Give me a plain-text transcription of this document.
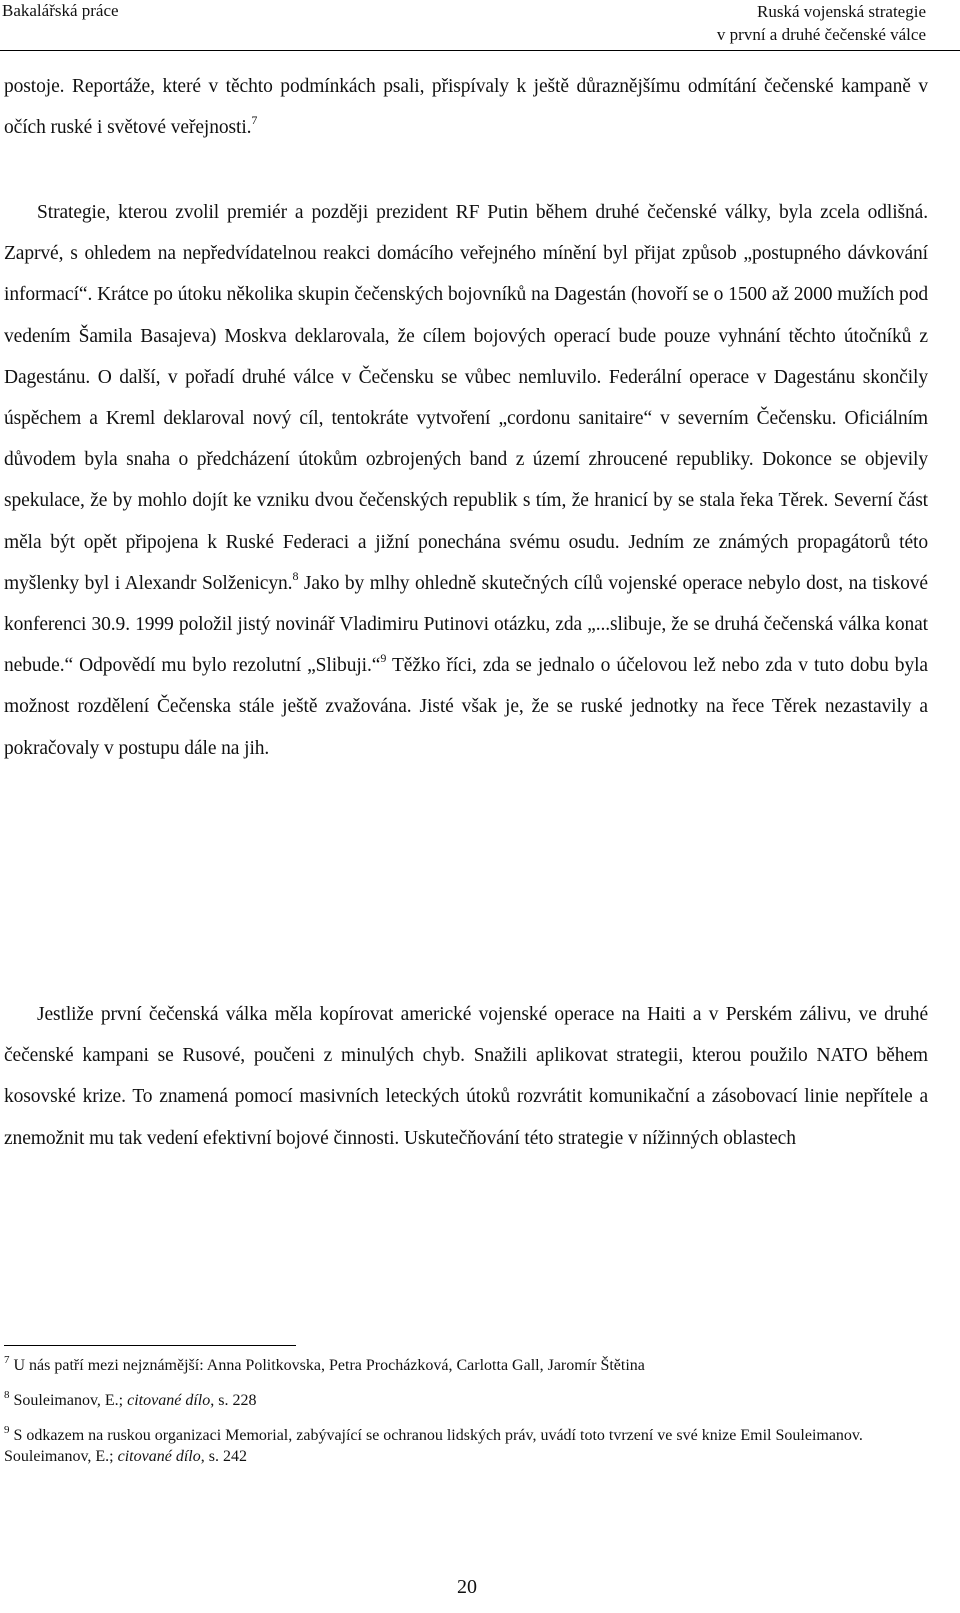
Bakalářská práce	Ruská vojenská strategie
v první a druhé čečenské válce

postoje. Reportáže, které v těchto podmínkách psali, přispívaly k ještě důraznějšímu odmítání čečenské kampaně v očích ruské i světové veřejnosti.$^7$

Strategie, kterou zvolil premiér a později prezident RF Putin během druhé čečenské války, byla zcela odlišná. Zaprvé, s ohledem na nepředvídatelnou reakci domácího veřejného mínění byl přijat způsob „postupného dávkování informací“. Krátce po útoku několika skupin čečenských bojovníků na Dagestán (hovoří se o 1500 až 2000 mužích pod vedením Šamila Basajeva) Moskva deklarovala, že cílem bojových operací bude pouze vyhnání těchto útočníků z Dagestánu. O další, v pořadí druhé válce v Čečensku se vůbec nemluvilo. Federální operace v Dagestánu skončily úspěchem a Kreml deklaroval nový cíl, tentokráte vytvoření „cordonu sanitaire“ v severním Čečensku. Oficiálním důvodem byla snaha o předcházení útokům ozbrojených band z území zhroucené republiky. Dokonce se objevily spekulace, že by mohlo dojít ke vzniku dvou čečenských republik s tím, že hranicí by se stala řeka Těrek. Severní část měla být opět připojena k Ruské Federaci a jižní ponechána svému osudu. Jedním ze známých propagátorů této myšlenky byl i Alexandr Solženicyn.$^8$ Jako by mlhy ohledně skutečných cílů vojenské operace nebylo dost, na tiskové konferenci 30.9. 1999 položil jistý novinář Vladimiru Putinovi otázku, zda „...slibuje, že se druhá čečenská válka konat nebude.“ Odpovědí mu bylo rezolutní „Slibuji.“$^9$ Těžko říci, zda se jednalo o účelovou lež nebo zda v tuto dobu byla možnost rozdělení Čečenska stále ještě zvažována. Jisté však je, že se ruské jednotky na řece Těrek nezastavily a pokračovaly v postupu dále na jih.

Jestliže první čečenská válka měla kopírovat americké vojenské operace na Haiti a v Perském zálivu, ve druhé čečenské kampani se Rusové, poučeni z minulých chyb. Snažili aplikovat strategii, kterou použilo NATO během kosovské krize. To znamená pomocí masivních leteckých útoků rozvrátit komunikační a zásobovací linie nepřítele a znemožnit mu tak vedení efektivní bojové činnosti. Uskutečňování této strategie v nížinných oblastech

$^7$ U nás patří mezi nejznámější: Anna Politkovska, Petra Procházková, Carlotta Gall, Jaromír Štětina

$^8$ Souleimanov, E.; citované dílo, s. 228

$^9$ S odkazem na ruskou organizaci Memorial, zabývající se ochranou lidských práv, uvádí toto tvrzení ve své knize Emil Souleimanov. Souleimanov, E.; citované dílo, s. 242

20
